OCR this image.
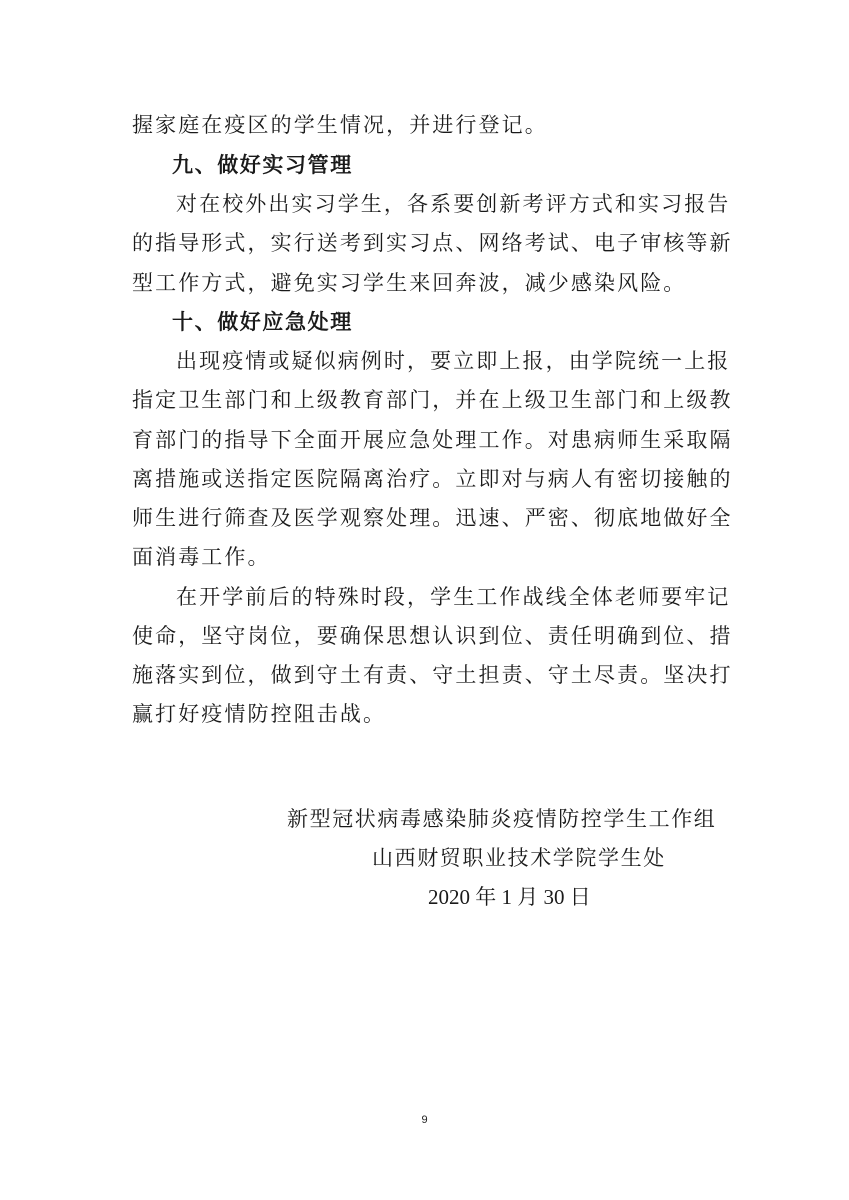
握家庭在疫区的学生情况，并进行登记。
九、做好实习管理
对在校外出实习学生，各系要创新考评方式和实习报告
的指导形式，实行送考到实习点、网络考试、电子审核等新
型工作方式，避免实习学生来回奔波，减少感染风险。
十、做好应急处理
出现疫情或疑似病例时，要立即上报，由学院统一上报
指定卫生部门和上级教育部门，并在上级卫生部门和上级教
育部门的指导下全面开展应急处理工作。对患病师生采取隔
离措施或送指定医院隔离治疗。立即对与病人有密切接触的
师生进行筛查及医学观察处理。迅速、严密、彻底地做好全
面消毒工作。
在开学前后的特殊时段，学生工作战线全体老师要牢记
使命，坚守岗位，要确保思想认识到位、责任明确到位、措
施落实到位，做到守土有责、守土担责、守土尽责。坚决打
赢打好疫情防控阻击战。
新型冠状病毒感染肺炎疫情防控学生工作组
山西财贸职业技术学院学生处
2020 年 1 月 30 日
9
